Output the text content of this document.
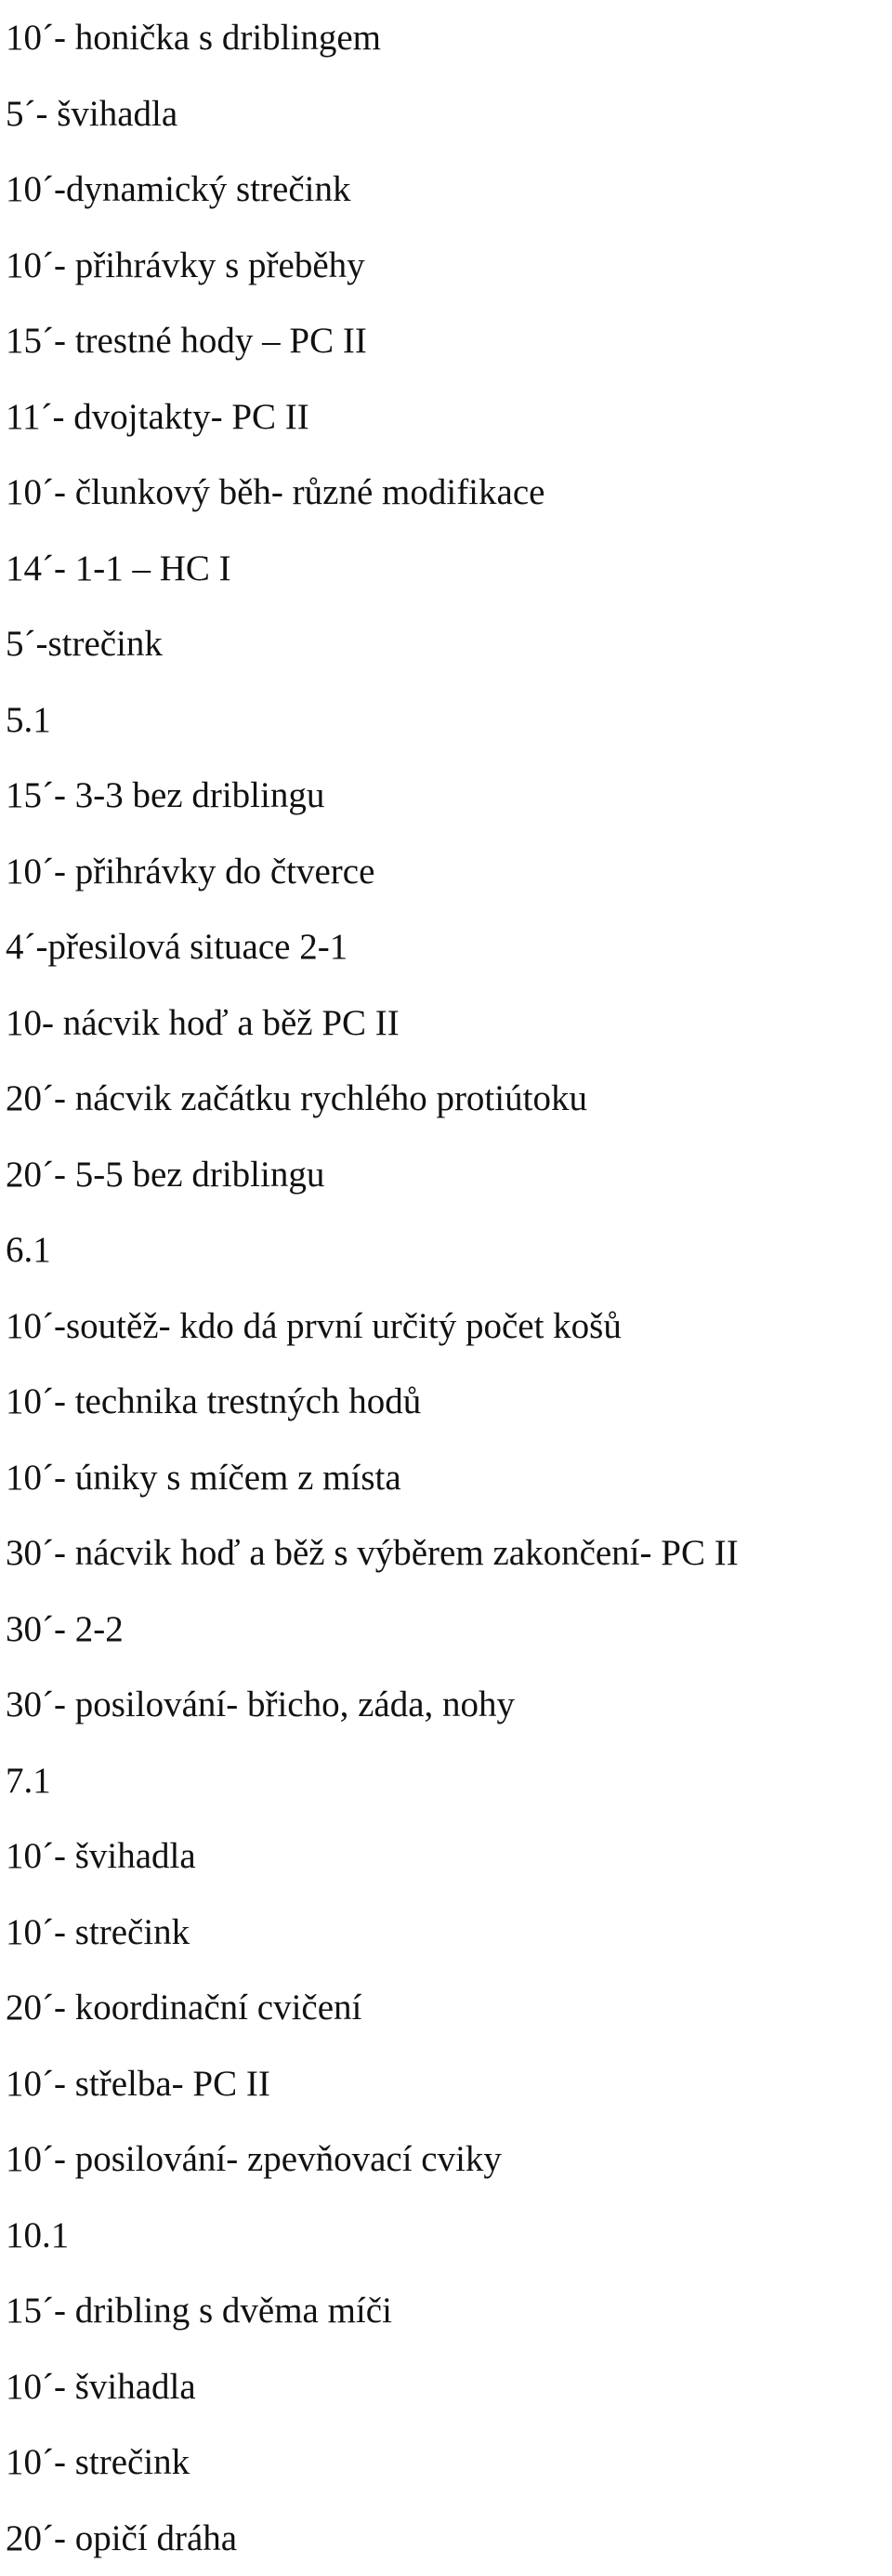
10´- honička s driblingem

5´- švihadla

10´-dynamický strečink

10´- přihrávky s přeběhy

15´- trestné hody – PC II

11´- dvojtakty- PC II

10´- člunkový běh- různé modifikace

14´- 1-1 – HC I

5´-strečink

5.1

15´- 3-3 bez driblingu

10´- přihrávky do čtverce

4´-přesilová situace 2-1

10- nácvik hoď a běž PC II

20´- nácvik začátku rychlého protiútoku

20´- 5-5 bez driblingu

6.1

10´-soutěž- kdo dá první určitý počet košů

10´- technika trestných hodů

10´- úniky s míčem z místa

30´- nácvik hoď a běž s výběrem zakončení- PC II

30´- 2-2

30´- posilování- břicho, záda, nohy

7.1

10´- švihadla

10´- strečink

20´- koordinační cvičení

10´- střelba- PC II

10´- posilování- zpevňovací cviky

10.1

15´- dribling s dvěma míči

10´- švihadla

10´- strečink

20´- opičí dráha
